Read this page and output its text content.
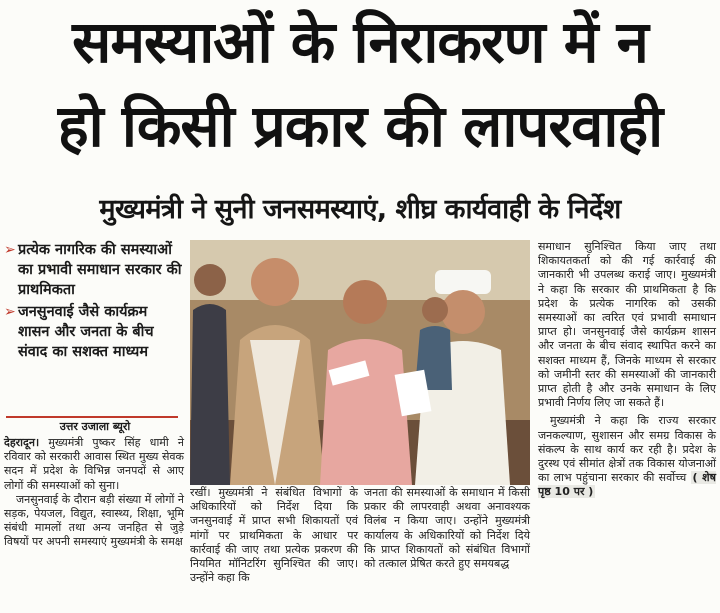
समस्याओं के निराकरण में न
हो किसी प्रकार की लापरवाही
मुख्यमंत्री ने सुनी जनसमस्याएं, शीघ्र कार्यवाही के निर्देश
➢ प्रत्येक नागरिक की समस्याओं का प्रभावी समाधान सरकार की प्राथमिकता
➢ जनसुनवाई जैसे कार्यक्रम शासन और जनता के बीच संवाद का सशक्त माध्यम
उत्तर उजाला ब्यूरो

देहरादून। मुख्यमंत्री पुष्कर सिंह धामी ने रविवार को सरकारी आवास स्थित मुख्य सेवक सदन में प्रदेश के विभिन्न जनपदों से आए लोगों की समस्याओं को सुना।

जनसुनवाई के दौरान बड़ी संख्या में लोगों ने सड़क, पेयजल, विद्युत, स्वास्थ्य, शिक्षा, भूमि संबंधी मामलों तथा अन्य जनहित से जुड़े विषयों पर अपनी समस्याएं मुख्यमंत्री के समक्ष

रखीं। मुख्यमंत्री ने संबंधित विभागों के अधिकारियों को निर्देश दिया कि जनसुनवाई में प्राप्त सभी शिकायतों एवं मांगों पर प्राथमिकता के आधार पर कार्रवाई की जाए तथा प्रत्येक प्रकरण की नियमित मॉनिटरिंग सुनिश्चित की जाए। उन्होंने कहा कि

जनता की समस्याओं के समाधान में किसी प्रकार की लापरवाही अथवा अनावश्यक विलंब न किया जाए। उन्होंने मुख्यमंत्री कार्यालय के अधिकारियों को निर्देश दिये कि प्राप्त शिकायतों को संबंधित विभागों को तत्काल प्रेषित करते हुए समयबद्ध

समाधान सुनिश्चित किया जाए तथा शिकायतकर्ता को की गई कार्रवाई की जानकारी भी उपलब्ध कराई जाए। मुख्यमंत्री ने कहा कि सरकार की प्राथमिकता है कि प्रदेश के प्रत्येक नागरिक को उसकी समस्याओं का त्वरित एवं प्रभावी समाधान प्राप्त हो। जनसुनवाई जैसे कार्यक्रम शासन और जनता के बीच संवाद स्थापित करने का सशक्त माध्यम हैं, जिनके माध्यम से सरकार को जमीनी स्तर की समस्याओं की जानकारी प्राप्त होती है और उनके समाधान के लिए प्रभावी निर्णय लिए जा सकते हैं।

मुख्यमंत्री ने कहा कि राज्य सरकार जनकल्याण, सुशासन और समग्र विकास के संकल्प के साथ कार्य कर रही है। प्रदेश के दुरस्थ एवं सीमांत क्षेत्रों तक विकास योजनाओं का लाभ पहुंचाना सरकार की सर्वोच्च ( शेष पृष्ठ 10 पर )
